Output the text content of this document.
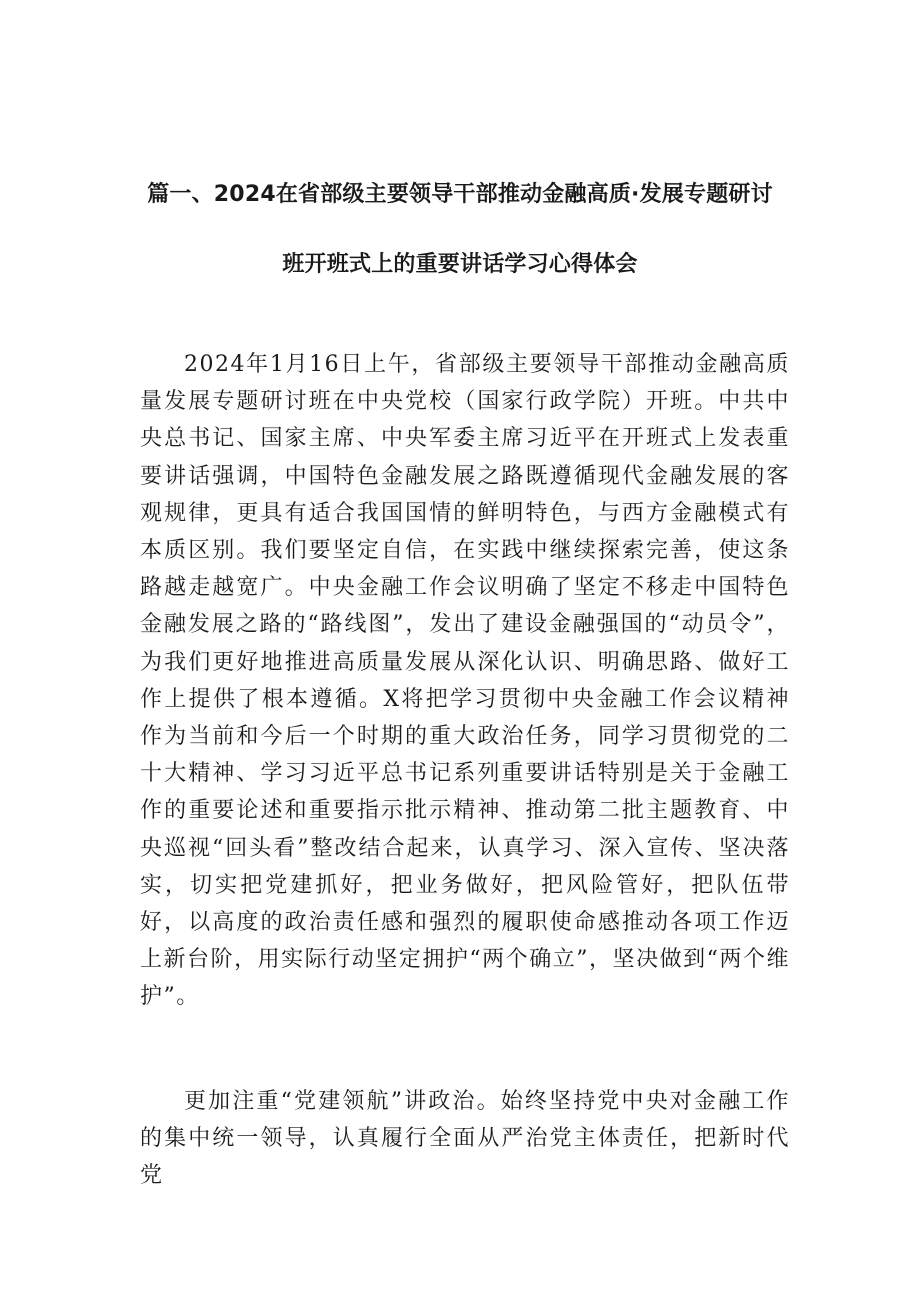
篇一、2024在省部级主要领导干部推动金融高质·发展专题研讨
班开班式上的重要讲话学习心得体会

2024年1月16日上午，省部级主要领导干部推动金融高质量发展专题研讨班在中央党校（国家行政学院）开班。中共中央总书记、国家主席、中央军委主席习近平在开班式上发表重要讲话强调，中国特色金融发展之路既遵循现代金融发展的客观规律，更具有适合我国国情的鲜明特色，与西方金融模式有本质区别。我们要坚定自信，在实践中继续探索完善，使这条路越走越宽广。中央金融工作会议明确了坚定不移走中国特色金融发展之路的“路线图”，发出了建设金融强国的“动员令”，为我们更好地推进高质量发展从深化认识、明确思路、做好工作上提供了根本遵循。X将把学习贯彻中央金融工作会议精神作为当前和今后一个时期的重大政治任务，同学习贯彻党的二十大精神、学习习近平总书记系列重要讲话特别是关于金融工作的重要论述和重要指示批示精神、推动第二批主题教育、中央巡视“回头看”整改结合起来，认真学习、深入宣传、坚决落实，切实把党建抓好，把业务做好，把风险管好，把队伍带好，以高度的政治责任感和强烈的履职使命感推动各项工作迈上新台阶，用实际行动坚定拥护“两个确立”，坚决做到“两个维护”。

更加注重“党建领航”讲政治。始终坚持党中央对金融工作的集中统一领导，认真履行全面从严治党主体责任，把新时代党
